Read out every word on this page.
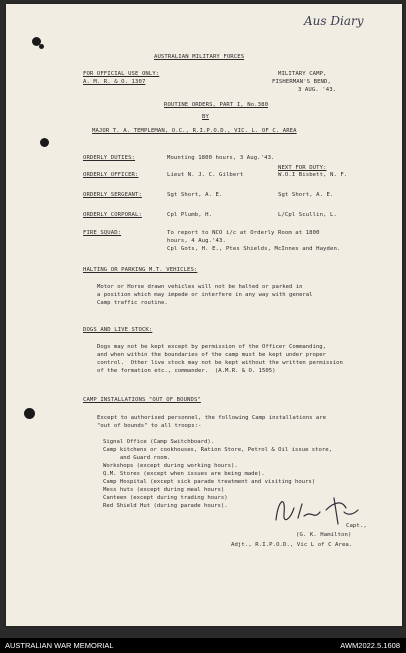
Aus Diary
AUSTRALIAN MILITARY FORCES
FOR OFFICIAL USE ONLY:
A. M. R. & O. 1307
MILITARY CAMP,
FISHERMAN'S BEND,
3 AUG. '43.
ROUTINE ORDERS, PART I, No.380
BY
MAJOR T. A. TEMPLEMAN, O.C., R.I.P.O.D., VIC. L. OF C. AREA
ORDERLY DUTIES:	Mounting 1800 hours, 3 Aug.'43.
NEXT FOR DUTY:
ORDERLY OFFICER:	Lieut N. J. C. Gilbert	W.O.I Bisbett, N. F.
ORDERLY SERGEANT:	Sgt Short, A. E.	Sgt Short, A. E.
ORDERLY CORPORAL:	Cpl Plumb, H.	L/Cpl Scullin, L.
FIRE SQUAD:	To report to NCO i/c at Orderly Room at 1800
hours, 4 Aug.'43.
Cpl Gots, H. E., Ptes Shields, McInnes and Hayden.
HALTING OR PARKING M.T. VEHICLES:
Motor or Horse drawn vehicles will not be halted or parked in
a position which may impede or interfere in any way with general
Camp traffic routine.
DOGS AND LIVE STOCK:
Dogs may not be kept except by permission of the Officer Commanding,
and when within the boundaries of the camp must be kept under proper
control.  Other live stock may not be kept without the written permission
of the formation etc., commander.  (A.M.R. & O. 1505)
CAMP INSTALLATIONS "OUT OF BOUNDS"
Except to authorised personnel, the following Camp installations are
"out of bounds" to all troops:-
Signal Office (Camp Switchboard).
Camp kitchens or cookhouses, Ration Store, Petrol & Oil issue store,
and Guard room.
Workshops (except during working hours).
Q.M. Stores (except when issues are being made).
Camp Hospital (except sick parade treatment and visiting hours)
Mess huts (except during meal hours)
Canteen (except during trading hours)
Red Shield Hut (during parade hours).
Capt.,
(G. K. Hamilton)
Adjt., R.I.P.O.D., Vic L of C Area.
AUSTRALIAN WAR MEMORIAL	AWM2022.5.1608
